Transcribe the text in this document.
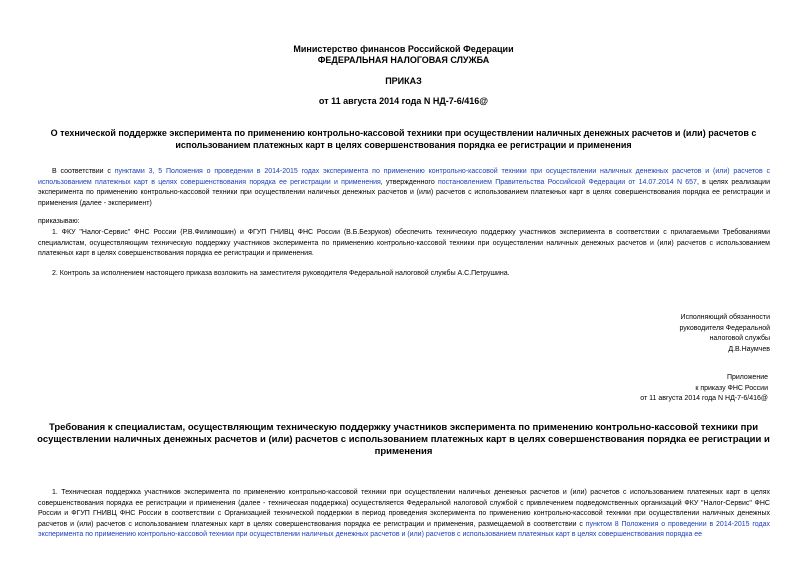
Министерство финансов Российской Федерации
ФЕДЕРАЛЬНАЯ НАЛОГОВАЯ СЛУЖБА
ПРИКАЗ
от 11 августа 2014 года N НД-7-6/416@
О технической поддержке эксперимента по применению контрольно-кассовой техники при осуществлении наличных денежных расчетов и (или) расчетов с
использованием платежных карт в целях совершенствования порядка ее регистрации и применения
В соответствии с пунктами 3, 5 Положения о проведении в 2014-2015 годах эксперимента по применению контрольно-кассовой техники при осуществлении наличных денежных расчетов и (или) расчетов с использованием платежных карт в целях совершенствования порядка ее регистрации и применения, утвержденного постановлением Правительства Российской Федерации от 14.07.2014 N 657, в целях реализации эксперимента по применению контрольно-кассовой техники при осуществлении наличных денежных расчетов и (или) расчетов с использованием платежных карт в целях совершенствования порядка ее регистрации и применения (далее - эксперимент)
приказываю:
1. ФКУ "Налог-Сервис" ФНС России (Р.В.Филимошин) и ФГУП ГНИВЦ ФНС России (В.Б.Безруков) обеспечить техническую поддержку участников эксперимента в соответствии с прилагаемыми Требованиями специалистам, осуществляющим техническую поддержку участников эксперимента по применению контрольно-кассовой техники при осуществлении наличных денежных расчетов и (или) расчетов с использованием платежных карт в целях совершенствования порядка ее регистрации и применения.
2. Контроль за исполнением настоящего приказа возложить на заместителя руководителя Федеральной налоговой службы А.С.Петрушина.
Исполняющий обязанности
руководителя Федеральной
налоговой службы
Д.В.Наумчев
Приложение
к приказу ФНС России
от 11 августа 2014 года N НД-7-6/416@
Требования к специалистам, осуществляющим техническую поддержку участников эксперимента по применению контрольно-кассовой техники при
осуществлении наличных денежных расчетов и (или) расчетов с использованием платежных карт в целях совершенствования порядка ее регистрации и
применения
1. Техническая поддержка участников эксперимента по применению контрольно-кассовой техники при осуществлении наличных денежных расчетов и (или) расчетов с использованием платежных карт в целях совершенствования порядка ее регистрации и применения (далее - техническая поддержка) осуществляется Федеральной налоговой службой с привлечением подведомственных организаций ФКУ "Налог-Сервис" ФНС России и ФГУП ГНИВЦ ФНС России в соответствии с Организацией технической поддержки в период проведения эксперимента по применению контрольно-кассовой техники при осуществлении наличных денежных расчетов и (или) расчетов с использованием платежных карт в целях совершенствования порядка ее регистрации и применения, размещаемой в соответствии с пунктом 8 Положения о проведении в 2014-2015 годах эксперимента по применению контрольно-кассовой техники при осуществлении наличных денежных расчетов и (или) расчетов с использованием платежных карт в целях совершенствования порядка ее
